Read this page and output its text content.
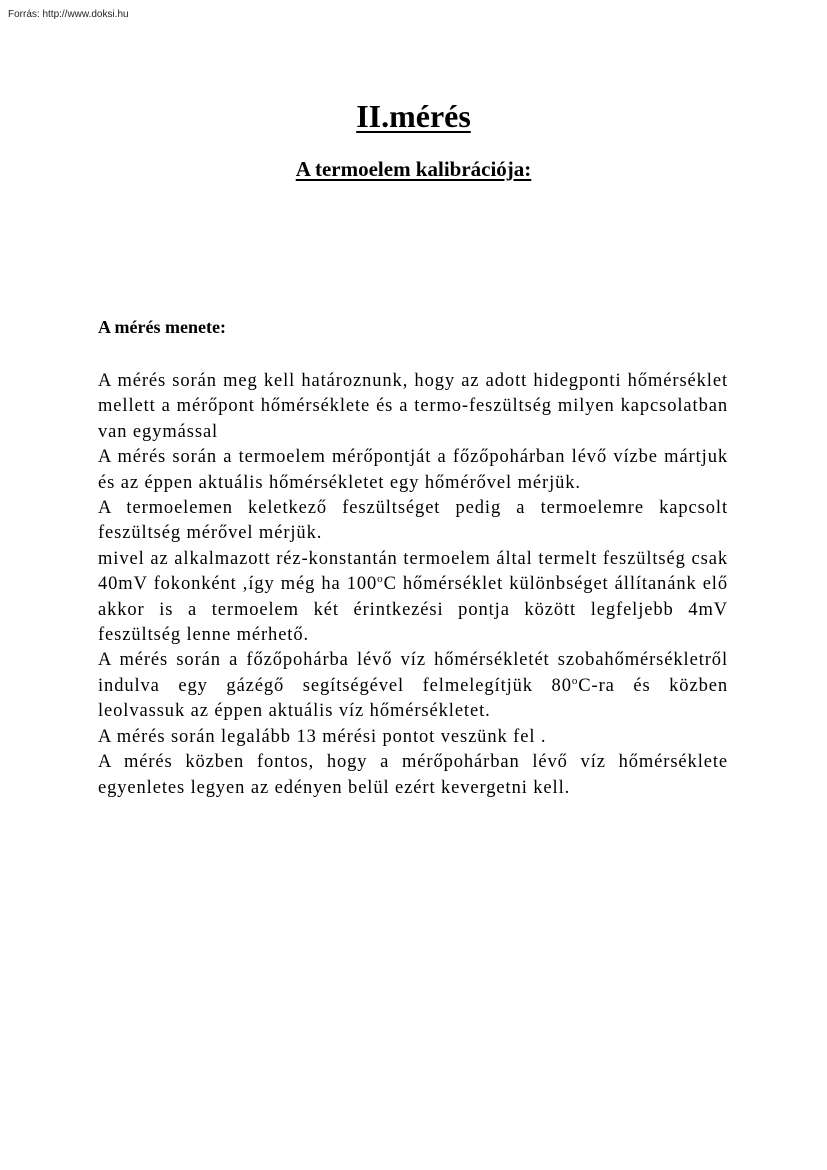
Forrás: http://www.doksi.hu
II.mérés
A termoelem kalibrációja:
A mérés menete:

A mérés során meg kell határoznunk, hogy az adott hidegponti hőmérséklet mellett a mérőpont hőmérséklete és a termo-feszültség milyen kapcsolatban van egymással

A mérés során a termoelem mérőpontját a főzőpohárban lévő vízbe mártjuk és az éppen aktuális hőmérsékletet egy hőmérővel mérjük.

A termoelemen keletkező feszültséget pedig a termoelemre kapcsolt feszültség mérővel mérjük.

mivel az alkalmazott réz-konstantán termoelem által termelt feszültség csak 40mV fokonként ,így még ha 100$^o$C hőmérséklet különbséget állítanánk elő akkor is a termoelem két érintkezési pontja között legfeljebb 4mV feszültség lenne mérhető.

A mérés során a főzőpohárba lévő víz hőmérsékletét szobahőmérsékletről indulva egy gázégő segítségével felmelegítjük 80$^o$C-ra és közben leolvassuk az éppen aktuális víz hőmérsékletet.

A mérés során legalább 13 mérési pontot veszünk fel .

A mérés közben fontos, hogy a mérőpohárban lévő víz hőmérséklete egyenletes legyen az edényen belül ezért kevergetni kell.
